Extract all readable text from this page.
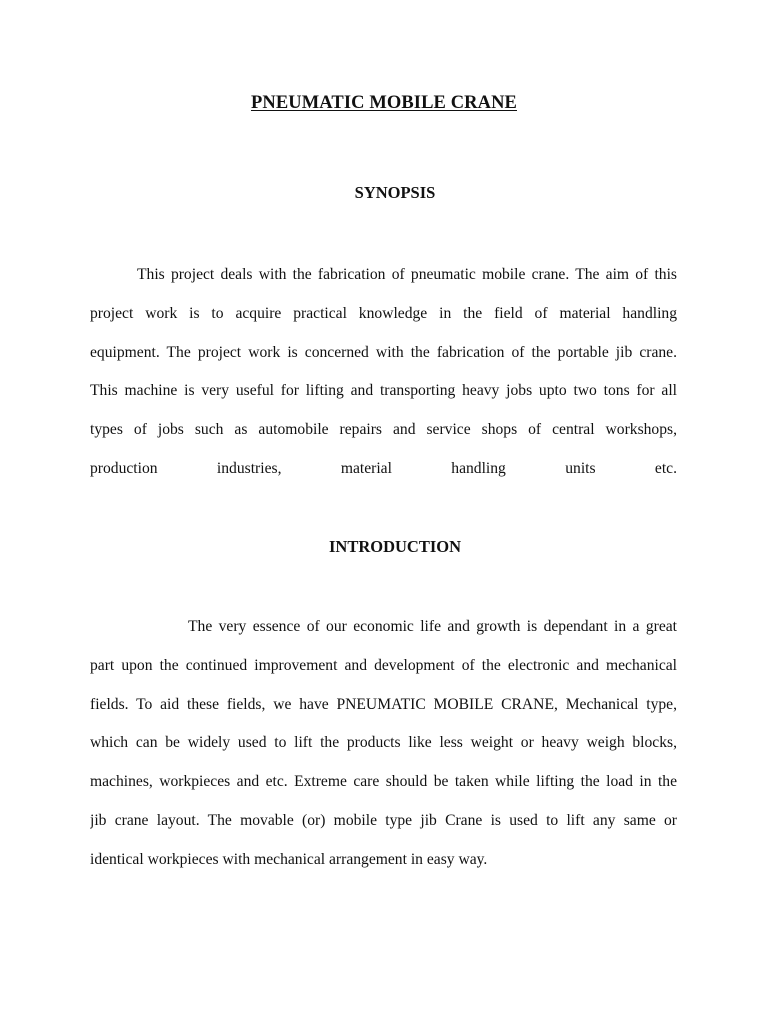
PNEUMATIC MOBILE CRANE
SYNOPSIS
This project deals with the fabrication of pneumatic mobile crane. The aim of this
project work is to acquire practical knowledge in the field of material handling
equipment. The project work is concerned with the fabrication of the portable jib crane.
This machine is very useful for lifting and transporting heavy jobs upto two tons for all
types of jobs such as automobile repairs and service shops of central workshops,
production industries, material handling units etc.
INTRODUCTION
The very essence of our economic life and growth is dependant in a great
part upon the continued improvement and development of the electronic and mechanical
fields. To aid these fields, we have PNEUMATIC MOBILE CRANE, Mechanical type,
which can be widely used to lift the products like less weight or heavy weigh blocks,
machines, workpieces and etc. Extreme care should be taken while lifting the load in the
jib crane layout. The movable (or) mobile type jib Crane is used to lift any same or
identical workpieces with mechanical arrangement in easy way.
